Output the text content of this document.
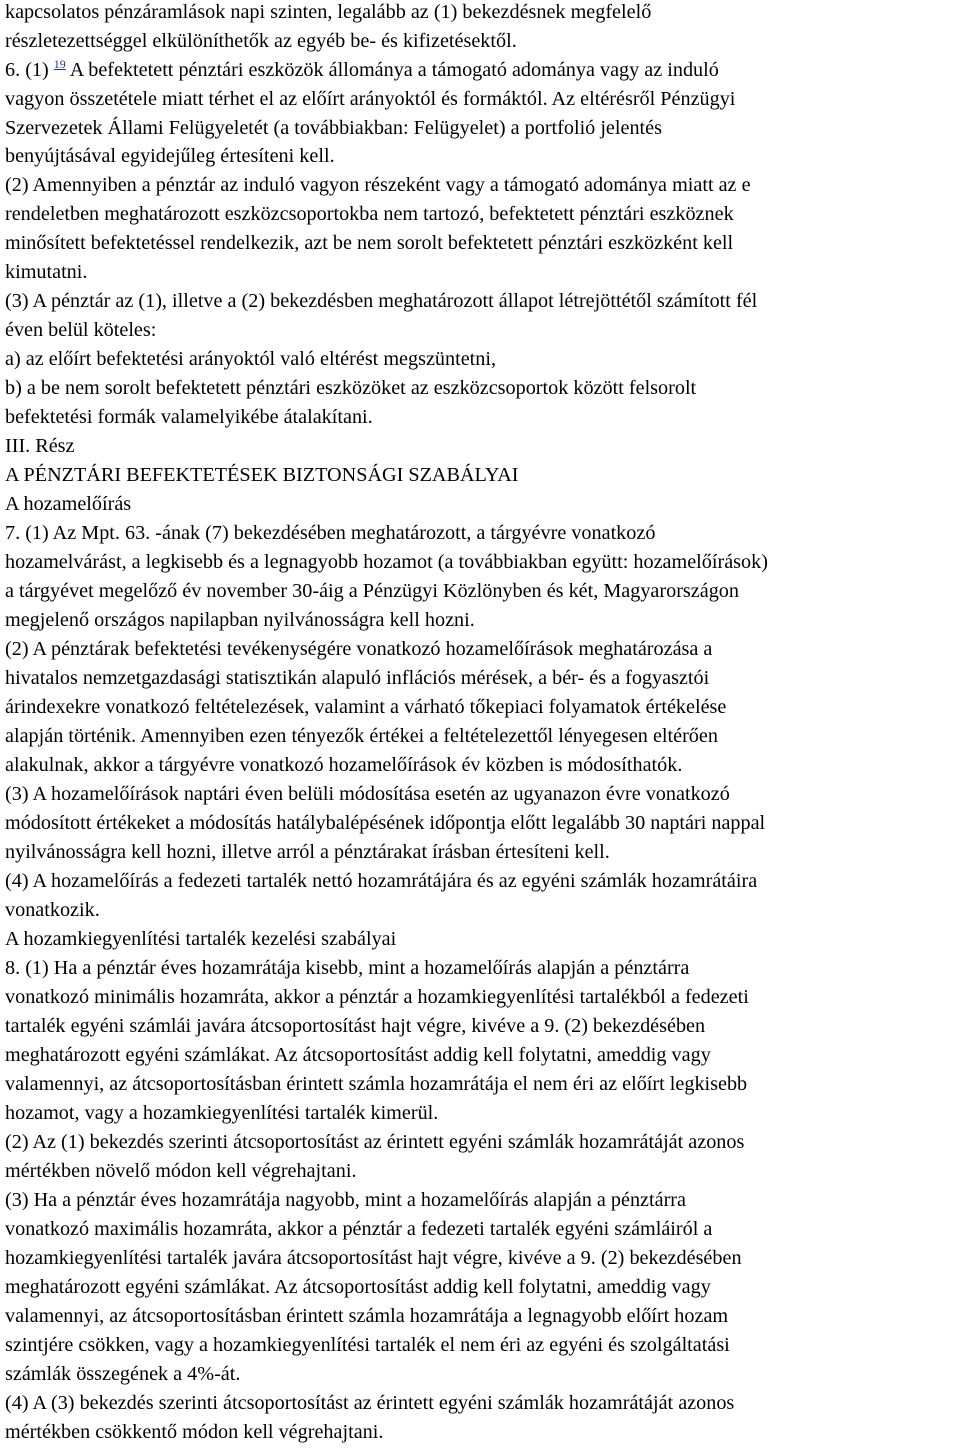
kapcsolatos pénzáramlások napi szinten, legalább az (1) bekezdésnek megfelelő
részletezettséggel elkülöníthetők az egyéb be- és kifizetésektől.
6. (1) $^{19}$ A befektetett pénztári eszközök állománya a támogató adománya vagy az induló
vagyon összetétele miatt térhet el az előírt arányoktól és formáktól. Az eltérésről Pénzügyi
Szervezetek Állami Felügyeletét (a továbbiakban: Felügyelet) a portfolió jelentés
benyújtásával egyidejűleg értesíteni kell.
(2) Amennyiben a pénztár az induló vagyon részeként vagy a támogató adománya miatt az e
rendeletben meghatározott eszközcsoportokba nem tartozó, befektetett pénztári eszköznek
minősített befektetéssel rendelkezik, azt be nem sorolt befektetett pénztári eszközként kell
kimutatni.
(3) A pénztár az (1), illetve a (2) bekezdésben meghatározott állapot létrejöttétől számított fél
éven belül köteles:
a) az előírt befektetési arányoktól való eltérést megszüntetni,
b) a be nem sorolt befektetett pénztári eszközöket az eszközcsoportok között felsorolt
befektetési formák valamelyikébe átalakítani.
III. Rész
A PÉNZTÁRI BEFEKTETÉSEK BIZTONSÁGI SZABÁLYAI
A hozamelőírás
7. (1) Az Mpt. 63. -ának (7) bekezdésében meghatározott, a tárgyévre vonatkozó
hozamelvárást, a legkisebb és a legnagyobb hozamot (a továbbiakban együtt: hozamelőírások)
a tárgyévet megelőző év november 30-áig a Pénzügyi Közlönyben és két, Magyarországon
megjelenő országos napilapban nyilvánosságra kell hozni.
(2) A pénztárak befektetési tevékenységére vonatkozó hozamelőírások meghatározása a
hivatalos nemzetgazdasági statisztikán alapuló inflációs mérések, a bér- és a fogyasztói
árindexekre vonatkozó feltételezések, valamint a várható tőkepiaci folyamatok értékelése
alapján történik. Amennyiben ezen tényezők értékei a feltételezettől lényegesen eltérően
alakulnak, akkor a tárgyévre vonatkozó hozamelőírások év közben is módosíthatók.
(3) A hozamelőírások naptári éven belüli módosítása esetén az ugyanazon évre vonatkozó
módosított értékeket a módosítás hatálybalépésének időpontja előtt legalább 30 naptári nappal
nyilvánosságra kell hozni, illetve arról a pénztárakat írásban értesíteni kell.
(4) A hozamelőírás a fedezeti tartalék nettó hozamrátájára és az egyéni számlák hozamrátáira
vonatkozik.
A hozamkiegyenlítési tartalék kezelési szabályai
8. (1) Ha a pénztár éves hozamrátája kisebb, mint a hozamelőírás alapján a pénztárra
vonatkozó minimális hozamráta, akkor a pénztár a hozamkiegyenlítési tartalékból a fedezeti
tartalék egyéni számlái javára átcsoportosítást hajt végre, kivéve a 9. (2) bekezdésében
meghatározott egyéni számlákat. Az átcsoportosítást addig kell folytatni, ameddig vagy
valamennyi, az átcsoportosításban érintett számla hozamrátája el nem éri az előírt legkisebb
hozamot, vagy a hozamkiegyenlítési tartalék kimerül.
(2) Az (1) bekezdés szerinti átcsoportosítást az érintett egyéni számlák hozamrátáját azonos
mértékben növelő módon kell végrehajtani.
(3) Ha a pénztár éves hozamrátája nagyobb, mint a hozamelőírás alapján a pénztárra
vonatkozó maximális hozamráta, akkor a pénztár a fedezeti tartalék egyéni számláiról a
hozamkiegyenlítési tartalék javára átcsoportosítást hajt végre, kivéve a 9. (2) bekezdésében
meghatározott egyéni számlákat. Az átcsoportosítást addig kell folytatni, ameddig vagy
valamennyi, az átcsoportosításban érintett számla hozamrátája a legnagyobb előírt hozam
szintjére csökken, vagy a hozamkiegyenlítési tartalék el nem éri az egyéni és szolgáltatási
számlák összegének a 4%-át.
(4) A (3) bekezdés szerinti átcsoportosítást az érintett egyéni számlák hozamrátáját azonos
mértékben csökkentő módon kell végrehajtani.
